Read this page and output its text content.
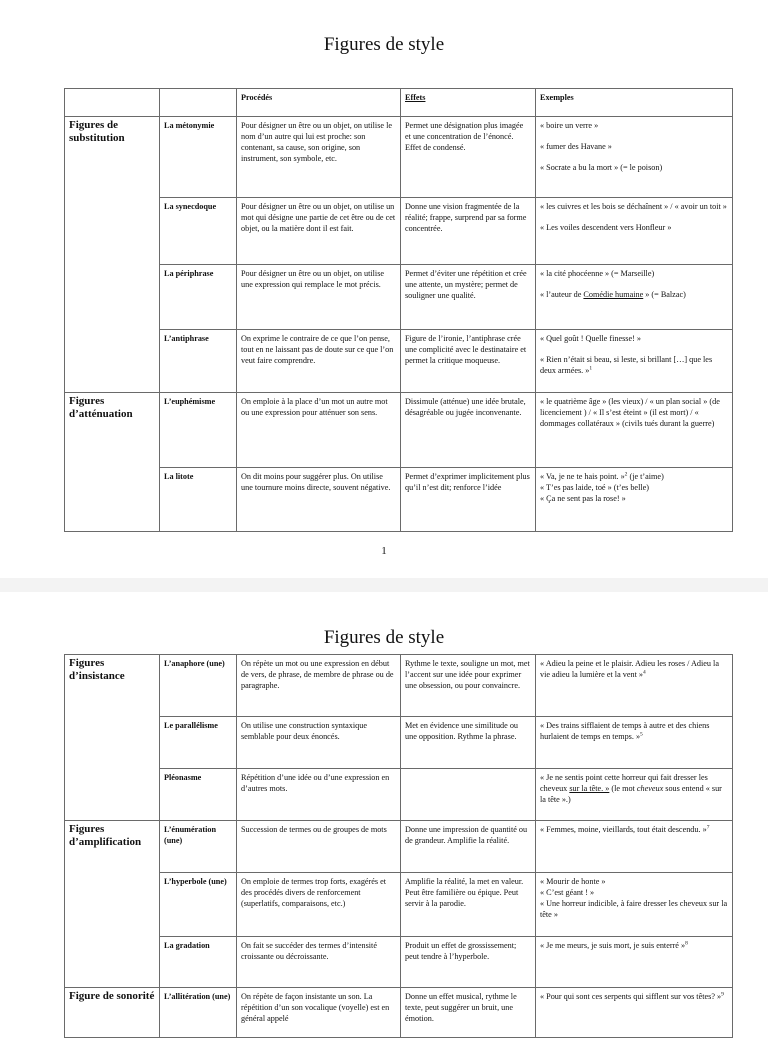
Figures de style
		Procédés	Effets	Exemples
Figures de substitution	La métonymie	Pour désigner un être ou un objet, on utilise le nom d’un autre qui lui est proche: son contenant, sa cause, son origine, son instrument, son symbole, etc.	Permet une désignation plus imagée et une concentration de l’énoncé. Effet de condensé.	« boire un verre »
« fumer des Havane »
« Socrate a bu la mort » (= le poison)

	La synecdoque	Pour désigner un être ou un objet, on utilise un mot qui désigne une partie de cet être ou de cet objet, ou la matière dont il est fait.	Donne une vision fragmentée de la réalité; frappe, surprend par sa forme concentrée.	« les cuivres et les bois se déchaînent » / « avoir un toit »
« Les voiles descendent vers Honfleur »

	La périphrase	Pour désigner un être ou un objet, on utilise une expression qui remplace le mot précis.	Permet d’éviter une répétition et crée une attente, un mystère; permet de souligner une qualité.	« la cité phocéenne » (= Marseille)
« l’auteur de Comédie humaine » (= Balzac)

	L’antiphrase	On exprime le contraire de ce que l’on pense, tout en ne laissant pas de doute sur ce que l’on veut faire comprendre.	Figure de l’ironie, l’antiphrase crée une complicité avec le destinataire et permet la critique moqueuse.	« Quel goût ! Quelle finesse! »
« Rien n’était si beau, si leste, si brillant […] que les deux armées. »$^1$

Figures d’atténuation	L’euphémisme	On emploie à la place d’un mot un autre mot ou une expression pour atténuer son sens.	Dissimule (atténue) une idée brutale, désagréable ou jugée inconvenante.	« le quatrième âge » (les vieux) / « un plan social » (de licenciement ) / « Il s’est éteint » (il est mort) / « dommages collatéraux » (civils tués durant la guerre)

	La litote	On dit moins pour suggérer plus. On utilise une tournure moins directe, souvent négative.	Permet d’exprimer implicitement plus qu’il n’est dit; renforce l’idée	« Va, je ne te hais point. »$^2$ (je t’aime)
« T’es pas laide, toé » (t’es belle)
« Ça ne sent pas la rose! »
1
Figures de style
Figures d’insistance	L’anaphore (une)	On répète un mot ou une expression en début de vers, de phrase, de membre de phrase ou de paragraphe.	Rythme le texte, souligne un mot, met l’accent sur une idée pour exprimer une obsession, ou pour convaincre.	« Adieu la peine et le plaisir. Adieu les roses / Adieu la vie adieu la lumière et la vent »$^4$

	Le parallélisme	On utilise une construction syntaxique semblable pour deux énoncés.	Met en évidence une similitude ou une opposition. Rythme la phrase.	« Des trains sifflaient de temps à autre et des chiens hurlaient de temps en temps. »$^5$

	Pléonasme	Répétition d’une idée ou d’une expression en d’autres mots.		« Je ne sentis point cette horreur qui fait dresser les cheveux sur la tête. » (le mot cheveux sous entend « sur la tête ».)

Figures d’amplification	L’énumération (une)	Succession de termes ou de groupes de mots	Donne une impression de quantité ou de grandeur. Amplifie la réalité.	« Femmes, moine, vieillards, tout était descendu. »$^7$

	L’hyperbole (une)	On emploie de termes trop forts, exagérés et des procédés divers de renforcement (superlatifs, comparaisons, etc.)	Amplifie la réalité, la met en valeur. Peut être familière ou épique. Peut servir à la parodie.	« Mourir de honte »
« C’est géant ! »
« Une horreur indicible, à faire dresser les cheveux sur la tête »

	La gradation	On fait se succéder des termes d’intensité croissante ou décroissante.	Produit un effet de grossissement; peut tendre à l’hyperbole.	« Je me meurs, je suis mort, je suis enterré »$^8$

Figure de sonorité	L’allitération (une)	On répète de façon insistante un son. La répétition d’un son vocalique (voyelle) est en général appelé	Donne un effet musical, rythme le texte, peut suggérer un bruit, une émotion.	« Pour qui sont ces serpents qui sifflent sur vos têtes? »$^9$
